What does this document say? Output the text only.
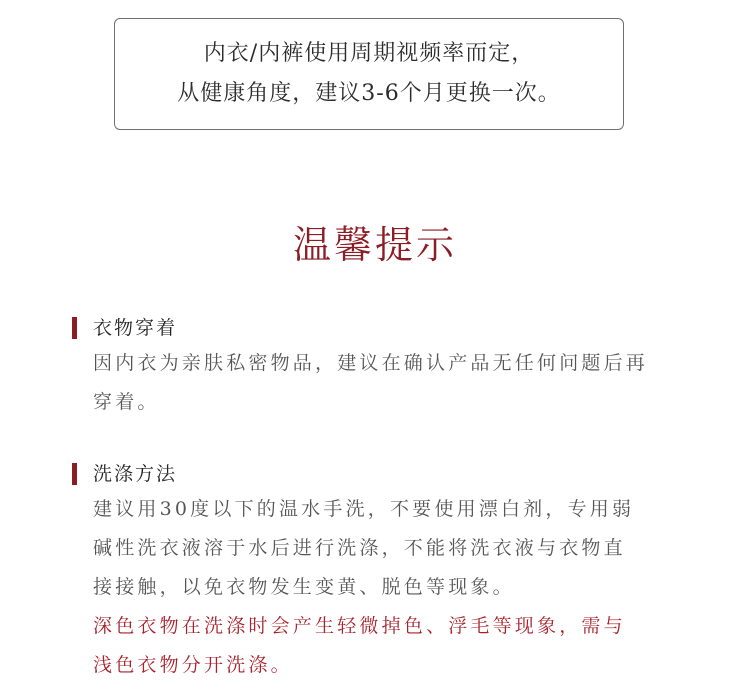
内衣/内裤使用周期视频率而定，
从健康角度，建议3-6个月更换一次。
温馨提示
衣物穿着
因内衣为亲肤私密物品，建议在确认产品无任何问题后再
穿着。
洗涤方法
建议用30度以下的温水手洗，不要使用漂白剂，专用弱
碱性洗衣液溶于水后进行洗涤，不能将洗衣液与衣物直
接接触，以免衣物发生变黄、脱色等现象。
深色衣物在洗涤时会产生轻微掉色、浮毛等现象，需与
浅色衣物分开洗涤。
